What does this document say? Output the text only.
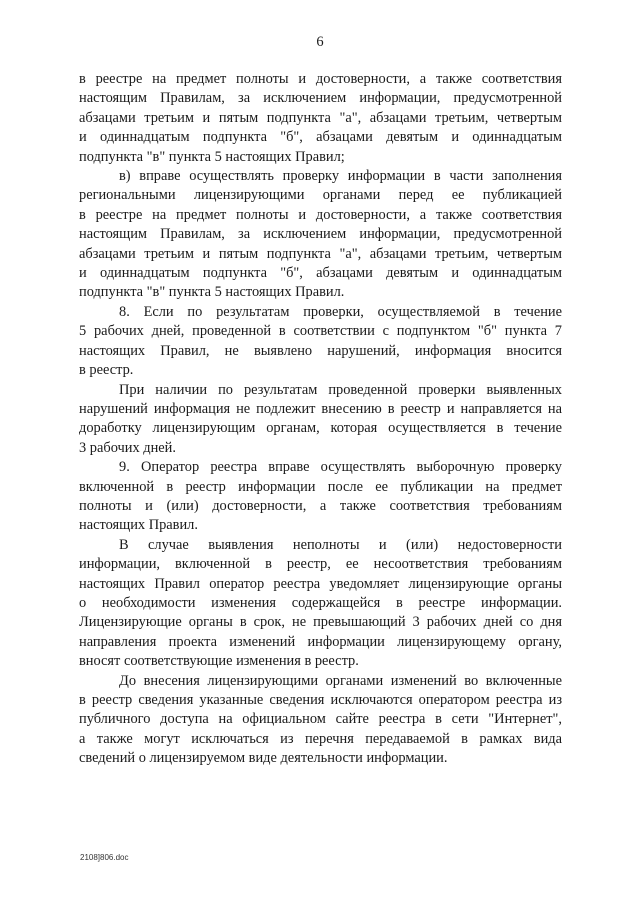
6
в реестре на предмет полноты и достоверности, а также соответствия
настоящим Правилам, за исключением информации, предусмотренной
абзацами третьим и пятым подпункта "а", абзацами третьим, четвертым
и одиннадцатым подпункта "б", абзацами девятым и одиннадцатым
подпункта "в" пункта 5 настоящих Правил;
в) вправе осуществлять проверку информации в части заполнения
региональными лицензирующими органами перед ее публикацией
в реестре на предмет полноты и достоверности, а также соответствия
настоящим Правилам, за исключением информации, предусмотренной
абзацами третьим и пятым подпункта "а", абзацами третьим, четвертым
и одиннадцатым подпункта "б", абзацами девятым и одиннадцатым
подпункта "в" пункта 5 настоящих Правил.
8. Если по результатам проверки, осуществляемой в течение
5 рабочих дней, проведенной в соответствии с подпунктом "б" пункта 7
настоящих Правил, не выявлено нарушений, информация вносится
в реестр.
При наличии по результатам проведенной проверки выявленных
нарушений информация не подлежит внесению в реестр и направляется на
доработку лицензирующим органам, которая осуществляется в течение
3 рабочих дней.
9. Оператор реестра вправе осуществлять выборочную проверку
включенной в реестр информации после ее публикации на предмет
полноты и (или) достоверности, а также соответствия требованиям
настоящих Правил.
В случае выявления неполноты и (или) недостоверности
информации, включенной в реестр, ее несоответствия требованиям
настоящих Правил оператор реестра уведомляет лицензирующие органы
о необходимости изменения содержащейся в реестре информации.
Лицензирующие органы в срок, не превышающий 3 рабочих дней со дня
направления проекта изменений информации лицензирующему органу,
вносят соответствующие изменения в реестр.
До внесения лицензирующими органами изменений во включенные
в реестр сведения указанные сведения исключаются оператором реестра из
публичного доступа на официальном сайте реестра в сети "Интернет",
а также могут исключаться из перечня передаваемой в рамках вида
сведений о лицензируемом виде деятельности информации.
2108]806.doc
